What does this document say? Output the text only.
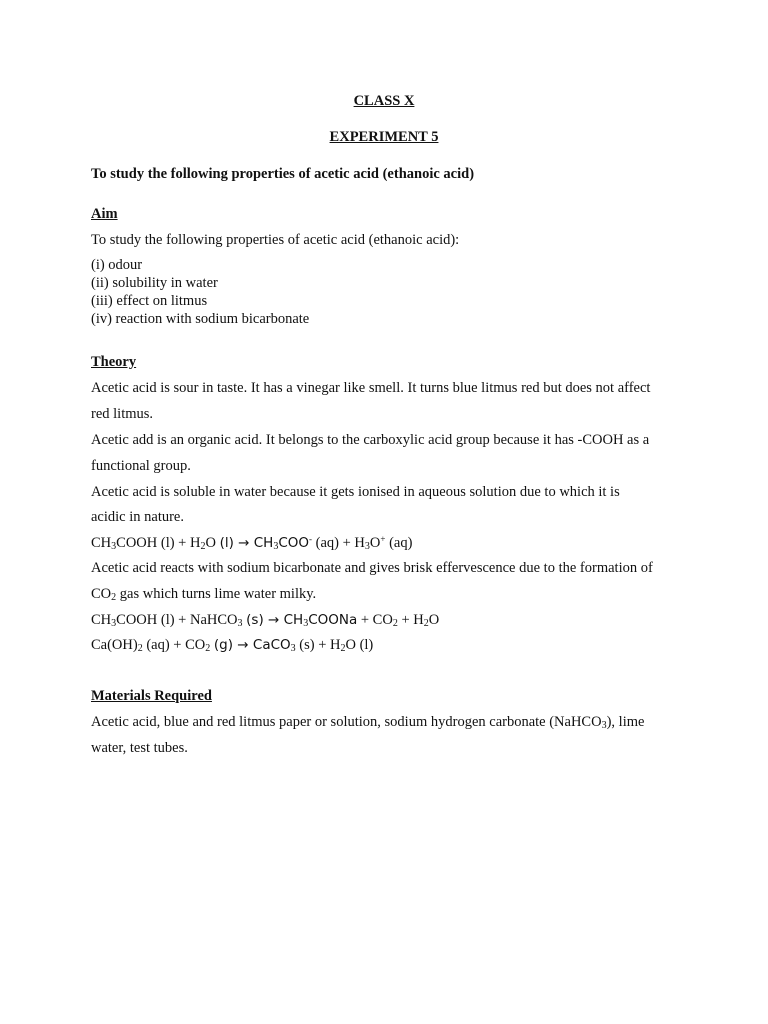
CLASS X
EXPERIMENT 5
To study the following properties of acetic acid (ethanoic acid)
Aim
To study the following properties of acetic acid (ethanoic acid):
(i) odour
(ii) solubility in water
(iii) effect on litmus
(iv) reaction with sodium bicarbonate
Theory
Acetic acid is sour in taste. It has a vinegar like smell. It turns blue litmus red but does not affect
red litmus.
Acetic add is an organic acid. It belongs to the carboxylic acid group because it has -COOH as a
functional group.
Acetic acid is soluble in water because it gets ionised in aqueous solution due to which it is
acidic in nature.
$CH_3COOH$ $(l) + H_2O$ $(l) \to CH_3COO^-$ $(aq) + H_3O^+$ (aq)
Acetic acid reacts with sodium bicarbonate and gives brisk effervescence due to the formation of
$CO_2$ gas which turns lime water milky.
$CH_3COOH$ (l) + NaHCO$_3$ $(s) \to CH_3COONa + CO_2 + H_2O$
$Ca(OH)_2$ $(aq) + CO_2$ (g) → CaCO$_3$ $(s) + H_2O$ (l)
Materials Required
Acetic acid, blue and red litmus paper or solution, sodium hydrogen carbonate (NaHCO$_3$), lime
water, test tubes.
